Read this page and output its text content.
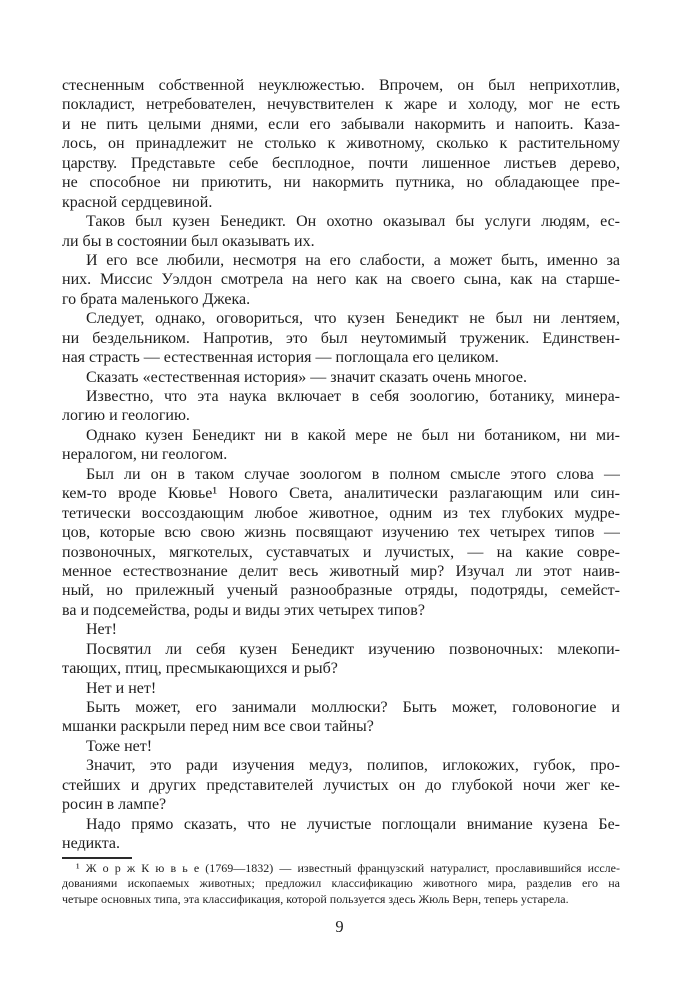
стесненным собственной неуклюжестью. Впрочем, он был неприхотлив,
покладист, нетребователен, нечувствителен к жаре и холоду, мог не есть
и не пить целыми днями, если его забывали накормить и напоить. Каза-
лось, он принадлежит не столько к животному, сколько к растительному
царству. Представьте себе бесплодное, почти лишенное листьев дерево,
не способное ни приютить, ни накормить путника, но обладающее пре-
красной сердцевиной.
Таков был кузен Бенедикт. Он охотно оказывал бы услуги людям, ес-
ли бы в состоянии был оказывать их.
И его все любили, несмотря на его слабости, а может быть, именно за
них. Миссис Уэлдон смотрела на него как на своего сына, как на старше-
го брата маленького Джека.
Следует, однако, оговориться, что кузен Бенедикт не был ни лентяем,
ни бездельником. Напротив, это был неутомимый труженик. Единствен-
ная страсть — естественная история — поглощала его целиком.
Сказать «естественная история» — значит сказать очень многое.
Известно, что эта наука включает в себя зоологию, ботанику, минера-
логию и геологию.
Однако кузен Бенедикт ни в какой мере не был ни ботаником, ни ми-
нералогом, ни геологом.
Был ли он в таком случае зоологом в полном смысле этого слова —
кем-то вроде Кювье¹ Нового Света, аналитически разлагающим или син-
тетически воссоздающим любое животное, одним из тех глубоких мудре-
цов, которые всю свою жизнь посвящают изучению тех четырех типов —
позвоночных, мягкотелых, суставчатых и лучистых, — на какие совре-
менное естествознание делит весь животный мир? Изучал ли этот наив-
ный, но прилежный ученый разнообразные отряды, подотряды, семейст-
ва и подсемейства, роды и виды этих четырех типов?
Нет!
Посвятил ли себя кузен Бенедикт изучению позвоночных: млекопи-
тающих, птиц, пресмыкающихся и рыб?
Нет и нет!
Быть может, его занимали моллюски? Быть может, головоногие и
мшанки раскрыли перед ним все свои тайны?
Тоже нет!
Значит, это ради изучения медуз, полипов, иглокожих, губок, про-
стейших и других представителей лучистых он до глубокой ночи жег ке-
росин в лампе?
Надо прямо сказать, что не лучистые поглощали внимание кузена Бе-
недикта.
¹ Ж о р ж К ю в ь е (1769—1832) — известный французский натуралист, прославившийся иссле-
дованиями ископаемых животных; предложил классификацию животного мира, разделив его на
четыре основных типа, эта классификация, которой пользуется здесь Жюль Верн, теперь устарела.
9
